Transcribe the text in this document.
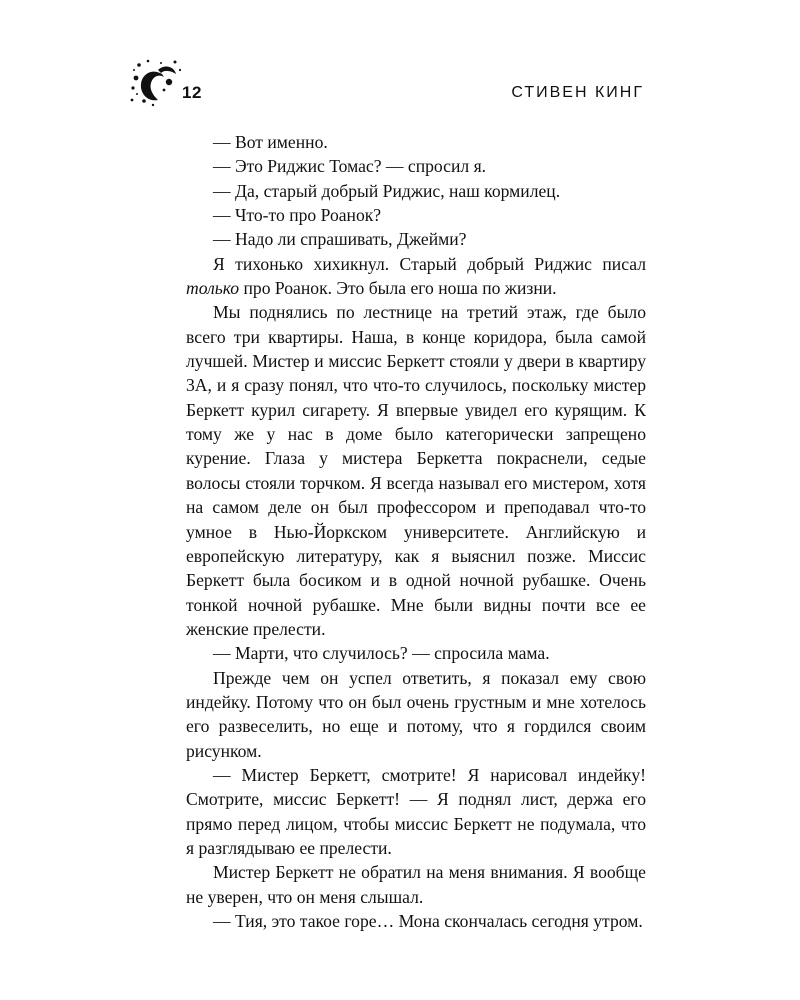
12	СТИВЕН КИНГ

— Вот именно.

— Это Риджис Томас? — спросил я.

— Да, старый добрый Риджис, наш кормилец.

— Что-то про Роанок?

— Надо ли спрашивать, Джейми?

Я тихонько хихикнул. Старый добрый Риджис писал только про Роанок. Это была его ноша по жизни.

Мы поднялись по лестнице на третий этаж, где было всего три квартиры. Наша, в конце коридора, была самой лучшей. Мистер и миссис Беркетт стояли у двери в квартиру 3А, и я сразу понял, что что-то случилось, поскольку мистер Беркетт курил сигарету. Я впервые увидел его курящим. К тому же у нас в доме было категорически запрещено курение. Глаза у мистера Беркетта покраснели, седые волосы стояли торчком. Я всегда называл его мистером, хотя на самом деле он был профессором и преподавал что-то умное в Нью-Йоркском университете. Английскую и европейскую литературу, как я выяснил позже. Миссис Беркетт была босиком и в одной ночной рубашке. Очень тонкой ночной рубашке. Мне были видны почти все ее женские прелести.

— Марти, что случилось? — спросила мама.

Прежде чем он успел ответить, я показал ему свою индейку. Потому что он был очень грустным и мне хотелось его развеселить, но еще и потому, что я гордился своим рисунком.

— Мистер Беркетт, смотрите! Я нарисовал индейку! Смотрите, миссис Беркетт! — Я поднял лист, держа его прямо перед лицом, чтобы миссис Беркетт не подумала, что я разглядываю ее прелести.

Мистер Беркетт не обратил на меня внимания. Я вообще не уверен, что он меня слышал.

— Тия, это такое горе… Мона скончалась сегодня утром.
